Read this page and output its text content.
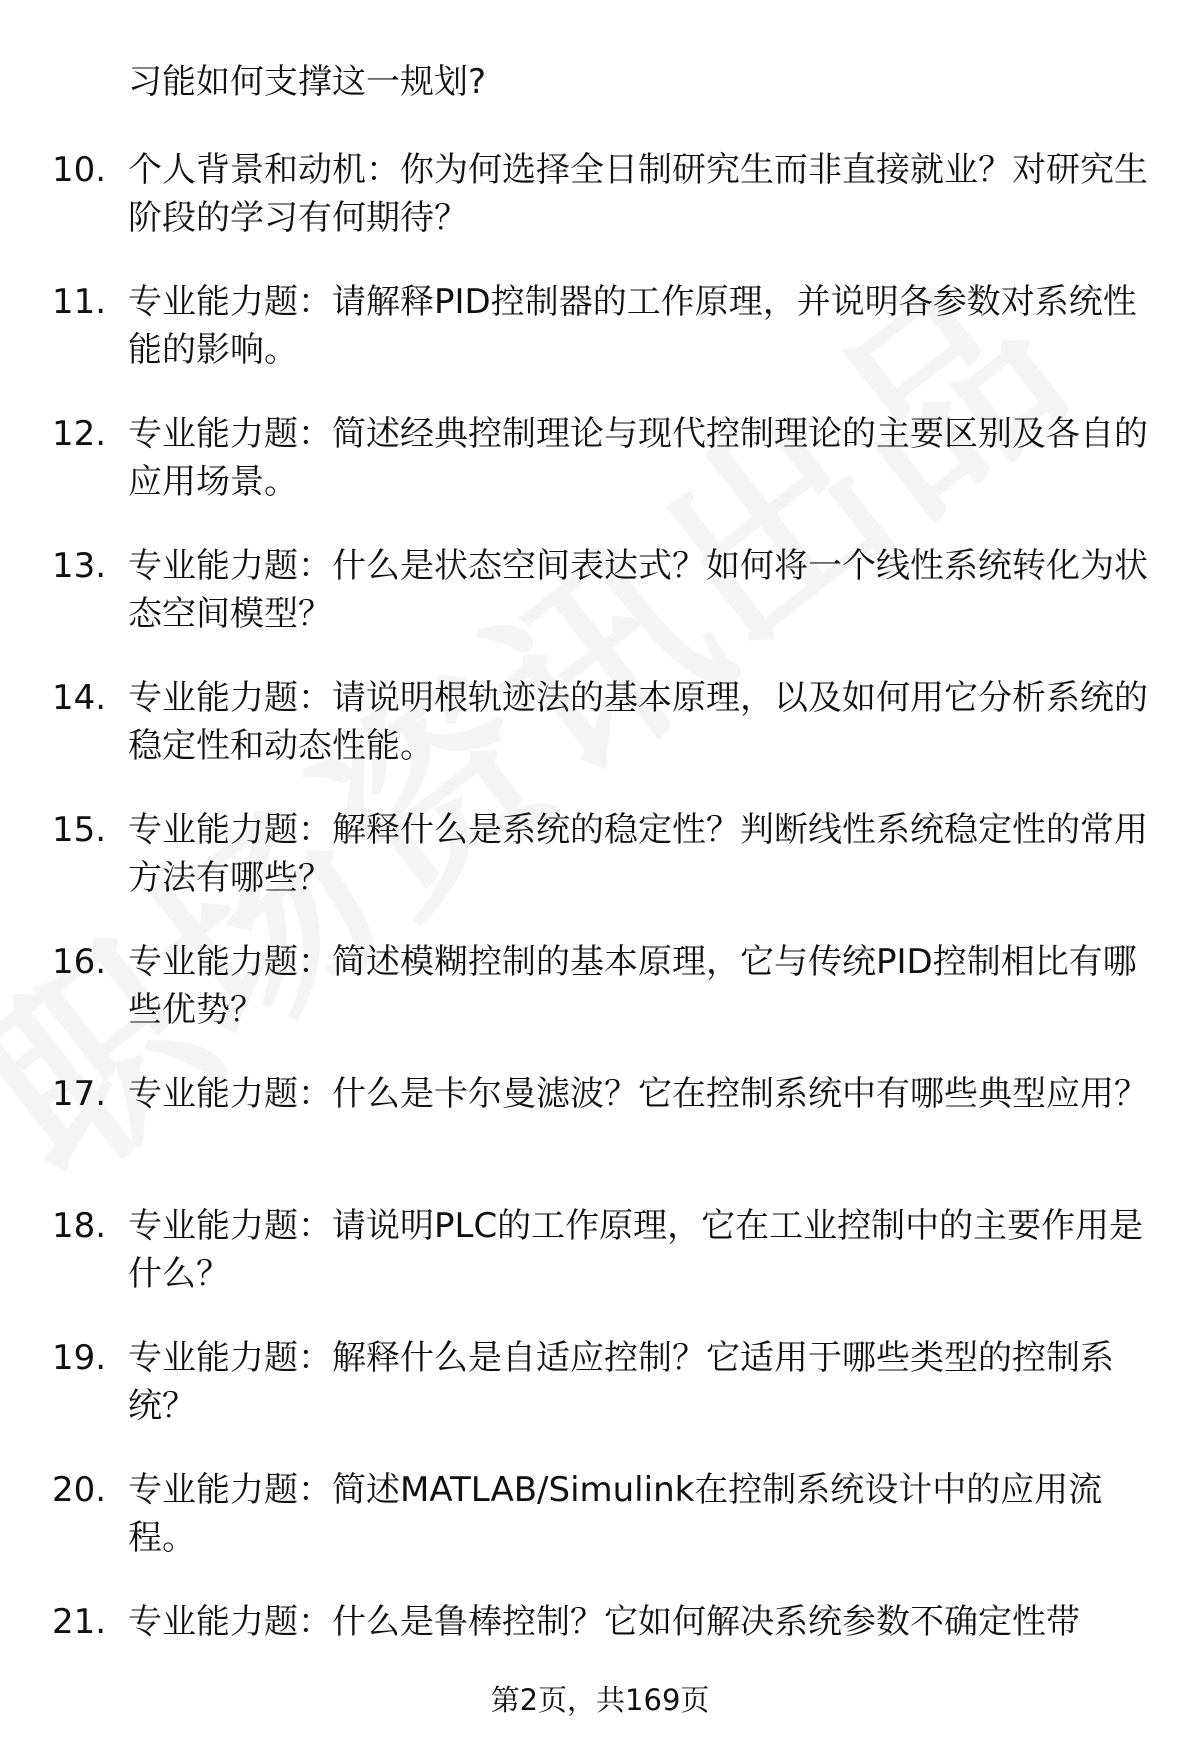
习能如何支撑这一规划?
10. 个人背景和动机：你为何选择全日制研究生而非直接就业？对研究生阶段的学习有何期待？
11. 专业能力题：请解释PID控制器的工作原理，并说明各参数对系统性能的影响。
12. 专业能力题：简述经典控制理论与现代控制理论的主要区别及各自的应用场景。
13. 专业能力题：什么是状态空间表达式？如何将一个线性系统转化为状态空间模型？
14. 专业能力题：请说明根轨迹法的基本原理，以及如何用它分析系统的稳定性和动态性能。
15. 专业能力题：解释什么是系统的稳定性？判断线性系统稳定性的常用方法有哪些？
16. 专业能力题：简述模糊控制的基本原理，它与传统PID控制相比有哪些优势？
17. 专业能力题：什么是卡尔曼滤波？它在控制系统中有哪些典型应用？
18. 专业能力题：请说明PLC的工作原理，它在工业控制中的主要作用是什么？
19. 专业能力题：解释什么是自适应控制？它适用于哪些类型的控制系统？
20. 专业能力题：简述MATLAB/Simulink在控制系统设计中的应用流程。
21. 专业能力题：什么是鲁棒控制？它如何解决系统参数不确定性带
第2页，共169页
